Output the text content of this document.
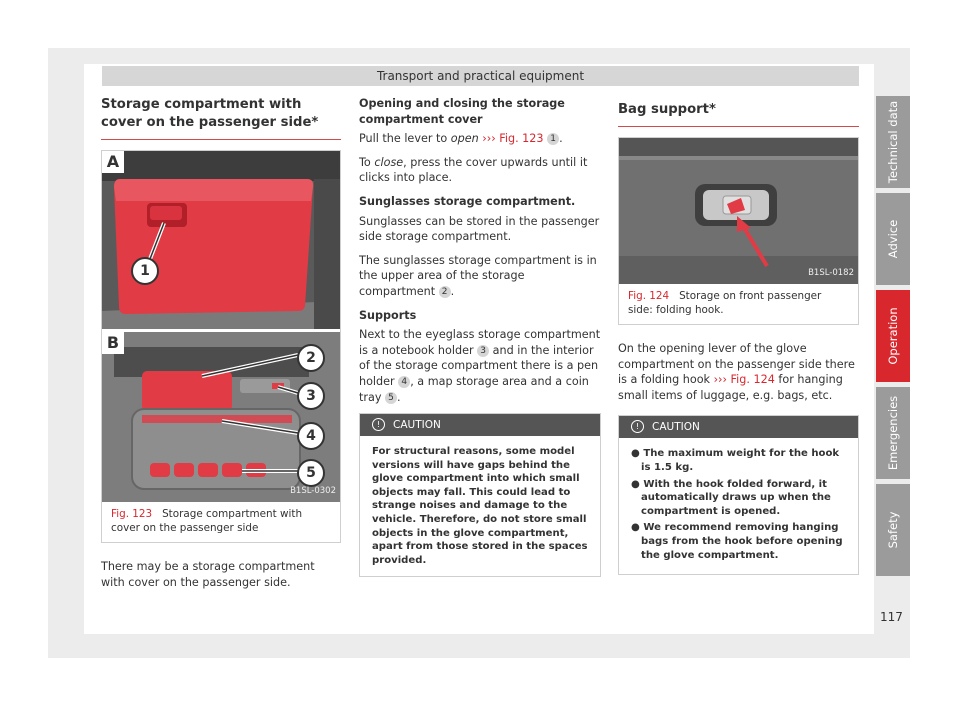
Transport and practical equipment
Storage compartment with cover on the passenger side*
A
B
1
2
3
4
5
B1SL-0302
Fig. 123 Storage compartment with cover on the passenger side

There may be a storage compartment with cover on the passenger side.

Opening and closing the storage compartment cover

Pull the lever to open ››› Fig. 123 1 .

To close, press the cover upwards until it clicks into place.

Sunglasses storage compartment.

Sunglasses can be stored in the passenger side storage compartment.

The sunglasses storage compartment is in the upper area of the storage compartment 2 .

Supports

Next to the eyeglass storage compartment is a notebook holder 3 and in the interior of the storage compartment there is a pen holder 4 , a map storage area and a coin tray 5 .

! CAUTION
For structural reasons, some model versions will have gaps behind the glove compartment into which small objects may fall. This could lead to strange noises and damage to the vehicle. Therefore, do not store small objects in the glove compartment, apart from those stored in the spaces provided.
Bag support*
B1SL-0182
Fig. 124 Storage on front passenger side: folding hook.

On the opening lever of the glove compartment on the passenger side there is a folding hook ››› Fig. 124 for hanging small items of luggage, e.g. bags, etc.

! CAUTION
● The maximum weight for the hook is 1.5 kg.
● With the hook folded forward, it automatically draws up when the compartment is opened.
● We recommend removing hanging bags from the hook before opening the glove compartment.
Technical data
Advice
Operation
Emergencies
Safety
117
